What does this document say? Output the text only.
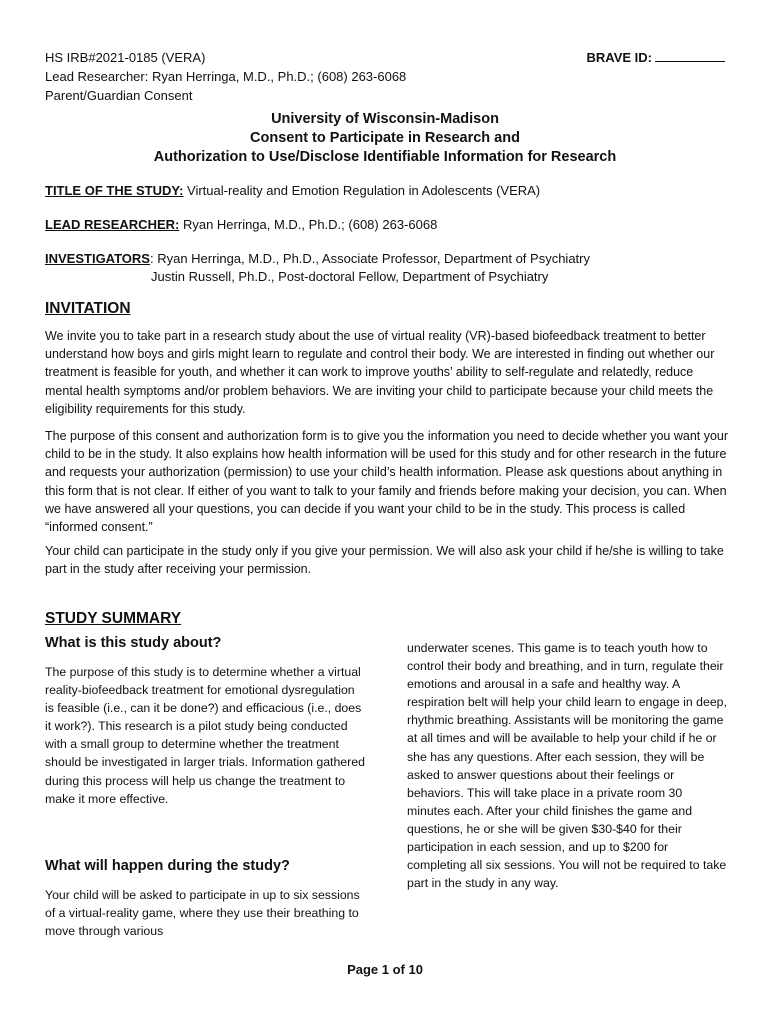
HS IRB#2021-0185 (VERA)
Lead Researcher: Ryan Herringa, M.D., Ph.D.; (608) 263-6068
Parent/Guardian Consent
BRAVE ID:
University of Wisconsin-Madison
Consent to Participate in Research and
Authorization to Use/Disclose Identifiable Information for Research
TITLE OF THE STUDY: Virtual-reality and Emotion Regulation in Adolescents (VERA)
LEAD RESEARCHER: Ryan Herringa, M.D., Ph.D.; (608) 263-6068
INVESTIGATORS: Ryan Herringa, M.D., Ph.D., Associate Professor, Department of Psychiatry
Justin Russell, Ph.D., Post-doctoral Fellow, Department of Psychiatry
INVITATION
We invite you to take part in a research study about the use of virtual reality (VR)-based biofeedback treatment to better understand how boys and girls might learn to regulate and control their body. We are interested in finding out whether our treatment is feasible for youth, and whether it can work to improve youths’ ability to self-regulate and relatedly, reduce mental health symptoms and/or problem behaviors. We are inviting your child to participate because your child meets the eligibility requirements for this study.
The purpose of this consent and authorization form is to give you the information you need to decide whether you want your child to be in the study. It also explains how health information will be used for this study and for other research in the future and requests your authorization (permission) to use your child’s health information. Please ask questions about anything in this form that is not clear. If either of you want to talk to your family and friends before making your decision, you can. When we have answered all your questions, you can decide if you want your child to be in the study. This process is called “informed consent.”
Your child can participate in the study only if you give your permission. We will also ask your child if he/she is willing to take part in the study after receiving your permission.
STUDY SUMMARY
What is this study about?
The purpose of this study is to determine whether a virtual reality-biofeedback treatment for emotional dysregulation is feasible (i.e., can it be done?) and efficacious (i.e., does it work?). This research is a pilot study being conducted with a small group to determine whether the treatment should be investigated in larger trials. Information gathered during this process will help us change the treatment to make it more effective.
What will happen during the study?
Your child will be asked to participate in up to six sessions of a virtual-reality game, where they use their breathing to move through various
underwater scenes. This game is to teach youth how to control their body and breathing, and in turn, regulate their emotions and arousal in a safe and healthy way. A respiration belt will help your child learn to engage in deep, rhythmic breathing. Assistants will be monitoring the game at all times and will be available to help your child if he or she has any questions. After each session, they will be asked to answer questions about their feelings or behaviors. This will take place in a private room 30 minutes each. After your child finishes the game and questions, he or she will be given $30-$40 for their participation in each session, and up to $200 for completing all six sessions. You will not be required to take part in the study in any way.
Page 1 of 10
